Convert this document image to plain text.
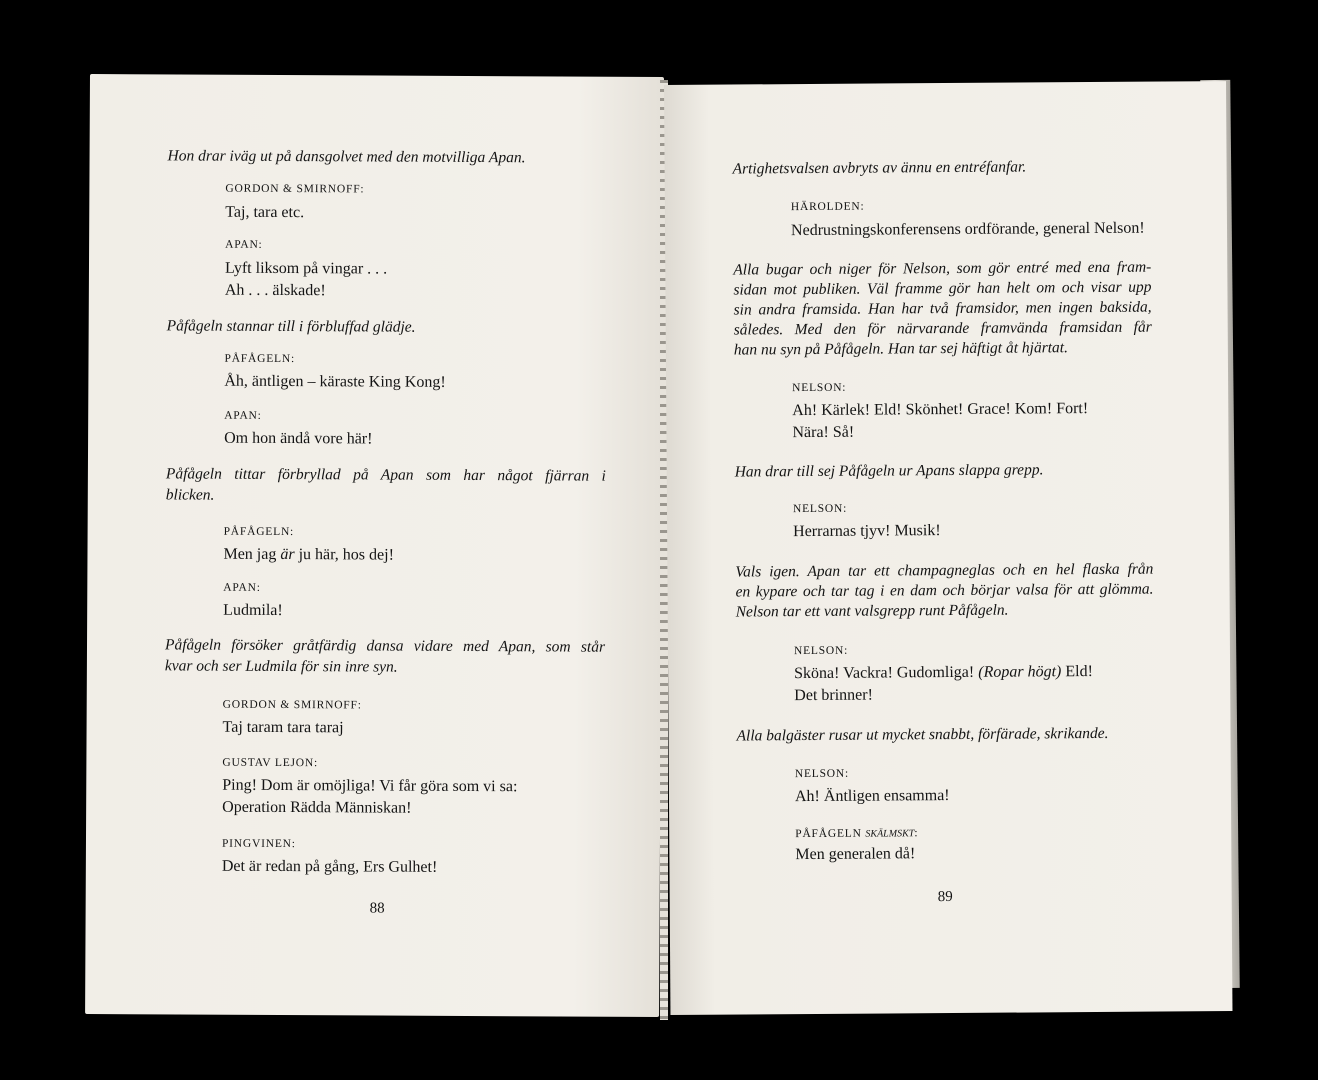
Hon drar iväg ut på dansgolvet med den motvilliga Apan.
GORDON & SMIRNOFF:
Taj, tara etc.
APAN:
Lyft liksom på vingar . . .
Ah . . . älskade!
Påfågeln stannar till i förbluffad glädje.
PÅFÅGELN:
Åh, äntligen – käraste King Kong!
APAN:
Om hon ändå vore här!
Påfågeln tittar förbryllad på Apan som har något fjärran i
blicken.
PÅFÅGELN:
Men jag är ju här, hos dej!
APAN:
Ludmila!
Påfågeln försöker gråtfärdig dansa vidare med Apan, som står
kvar och ser Ludmila för sin inre syn.
GORDON & SMIRNOFF:
Taj taram tara taraj
GUSTAV LEJON:
Ping! Dom är omöjliga! Vi får göra som vi sa:
Operation Rädda Människan!
PINGVINEN:
Det är redan på gång, Ers Gulhet!
88
Artighetsvalsen avbryts av ännu en entréfanfar.
HÄROLDEN:
Nedrustningskonferensens ordförande, general Nelson!
Alla bugar och niger för Nelson, som gör entré med ena fram-
sidan mot publiken. Väl framme gör han helt om och visar upp
sin andra framsida. Han har två framsidor, men ingen baksida,
således. Med den för närvarande framvända framsidan får
han nu syn på Påfågeln. Han tar sej häftigt åt hjärtat.
NELSON:
Ah! Kärlek! Eld! Skönhet! Grace! Kom! Fort!
Nära! Så!
Han drar till sej Påfågeln ur Apans slappa grepp.
NELSON:
Herrarnas tjyv! Musik!
Vals igen. Apan tar ett champagneglas och en hel flaska från
en kypare och tar tag i en dam och börjar valsa för att glömma.
Nelson tar ett vant valsgrepp runt Påfågeln.
NELSON:
Sköna! Vackra! Gudomliga! (Ropar högt) Eld!
Det brinner!
Alla balgäster rusar ut mycket snabbt, förfärade, skrikande.
NELSON:
Ah! Äntligen ensamma!
PÅFÅGELN skälmskt:
Men generalen då!
89
